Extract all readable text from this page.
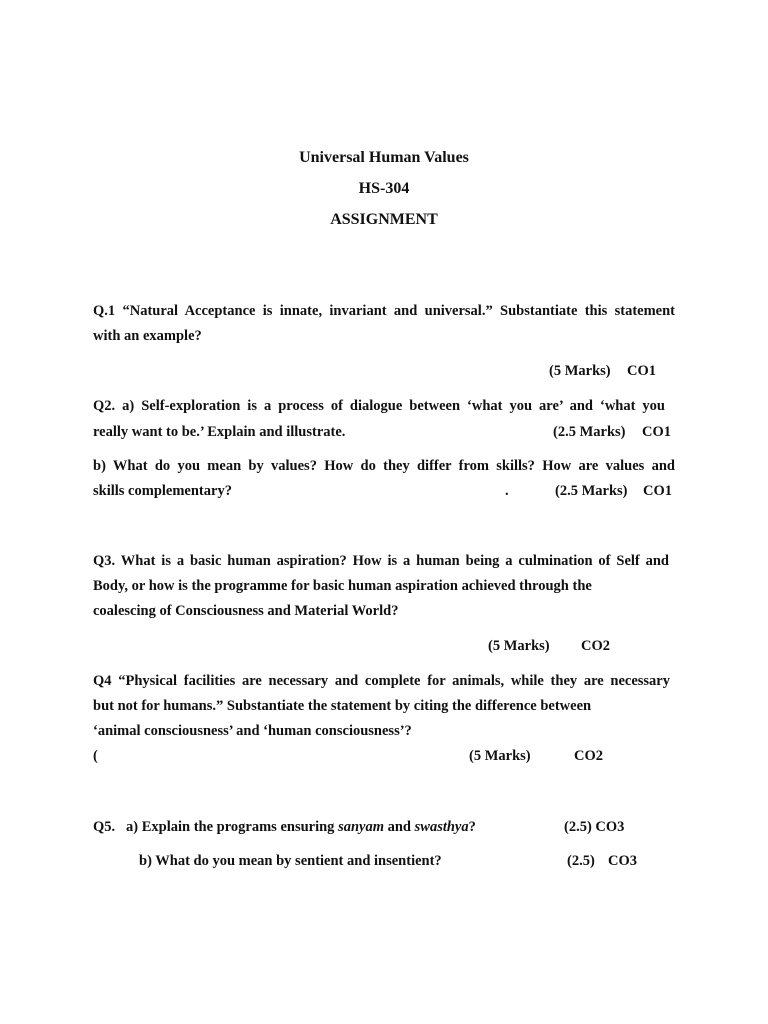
Universal Human Values
HS-304
ASSIGNMENT
Q.1 “Natural Acceptance is innate, invariant and universal.” Substantiate this statement
with an example?
(5 Marks) CO1
Q2. a) Self-exploration is a process of dialogue between ‘what you are’ and ‘what you
really want to be.’ Explain and illustrate.	(2.5 Marks) CO1
b) What do you mean by values? How do they differ from skills? How are values and
skills complementary?	.	(2.5 Marks) CO1
Q3. What is a basic human aspiration? How is a human being a culmination of Self and
Body, or how is the programme for basic human aspiration achieved through the
coalescing of Consciousness and Material World?
(5 Marks) CO2
Q4 “Physical facilities are necessary and complete for animals, while they are necessary
but not for humans.” Substantiate the statement by citing the difference between
‘animal consciousness’ and ‘human consciousness’?
(	(5 Marks)	CO2
Q5.   a) Explain the programs ensuring sanyam and swasthya?	(2.5) CO3
b) What do you mean by sentient and insentient?	(2.5) CO3
